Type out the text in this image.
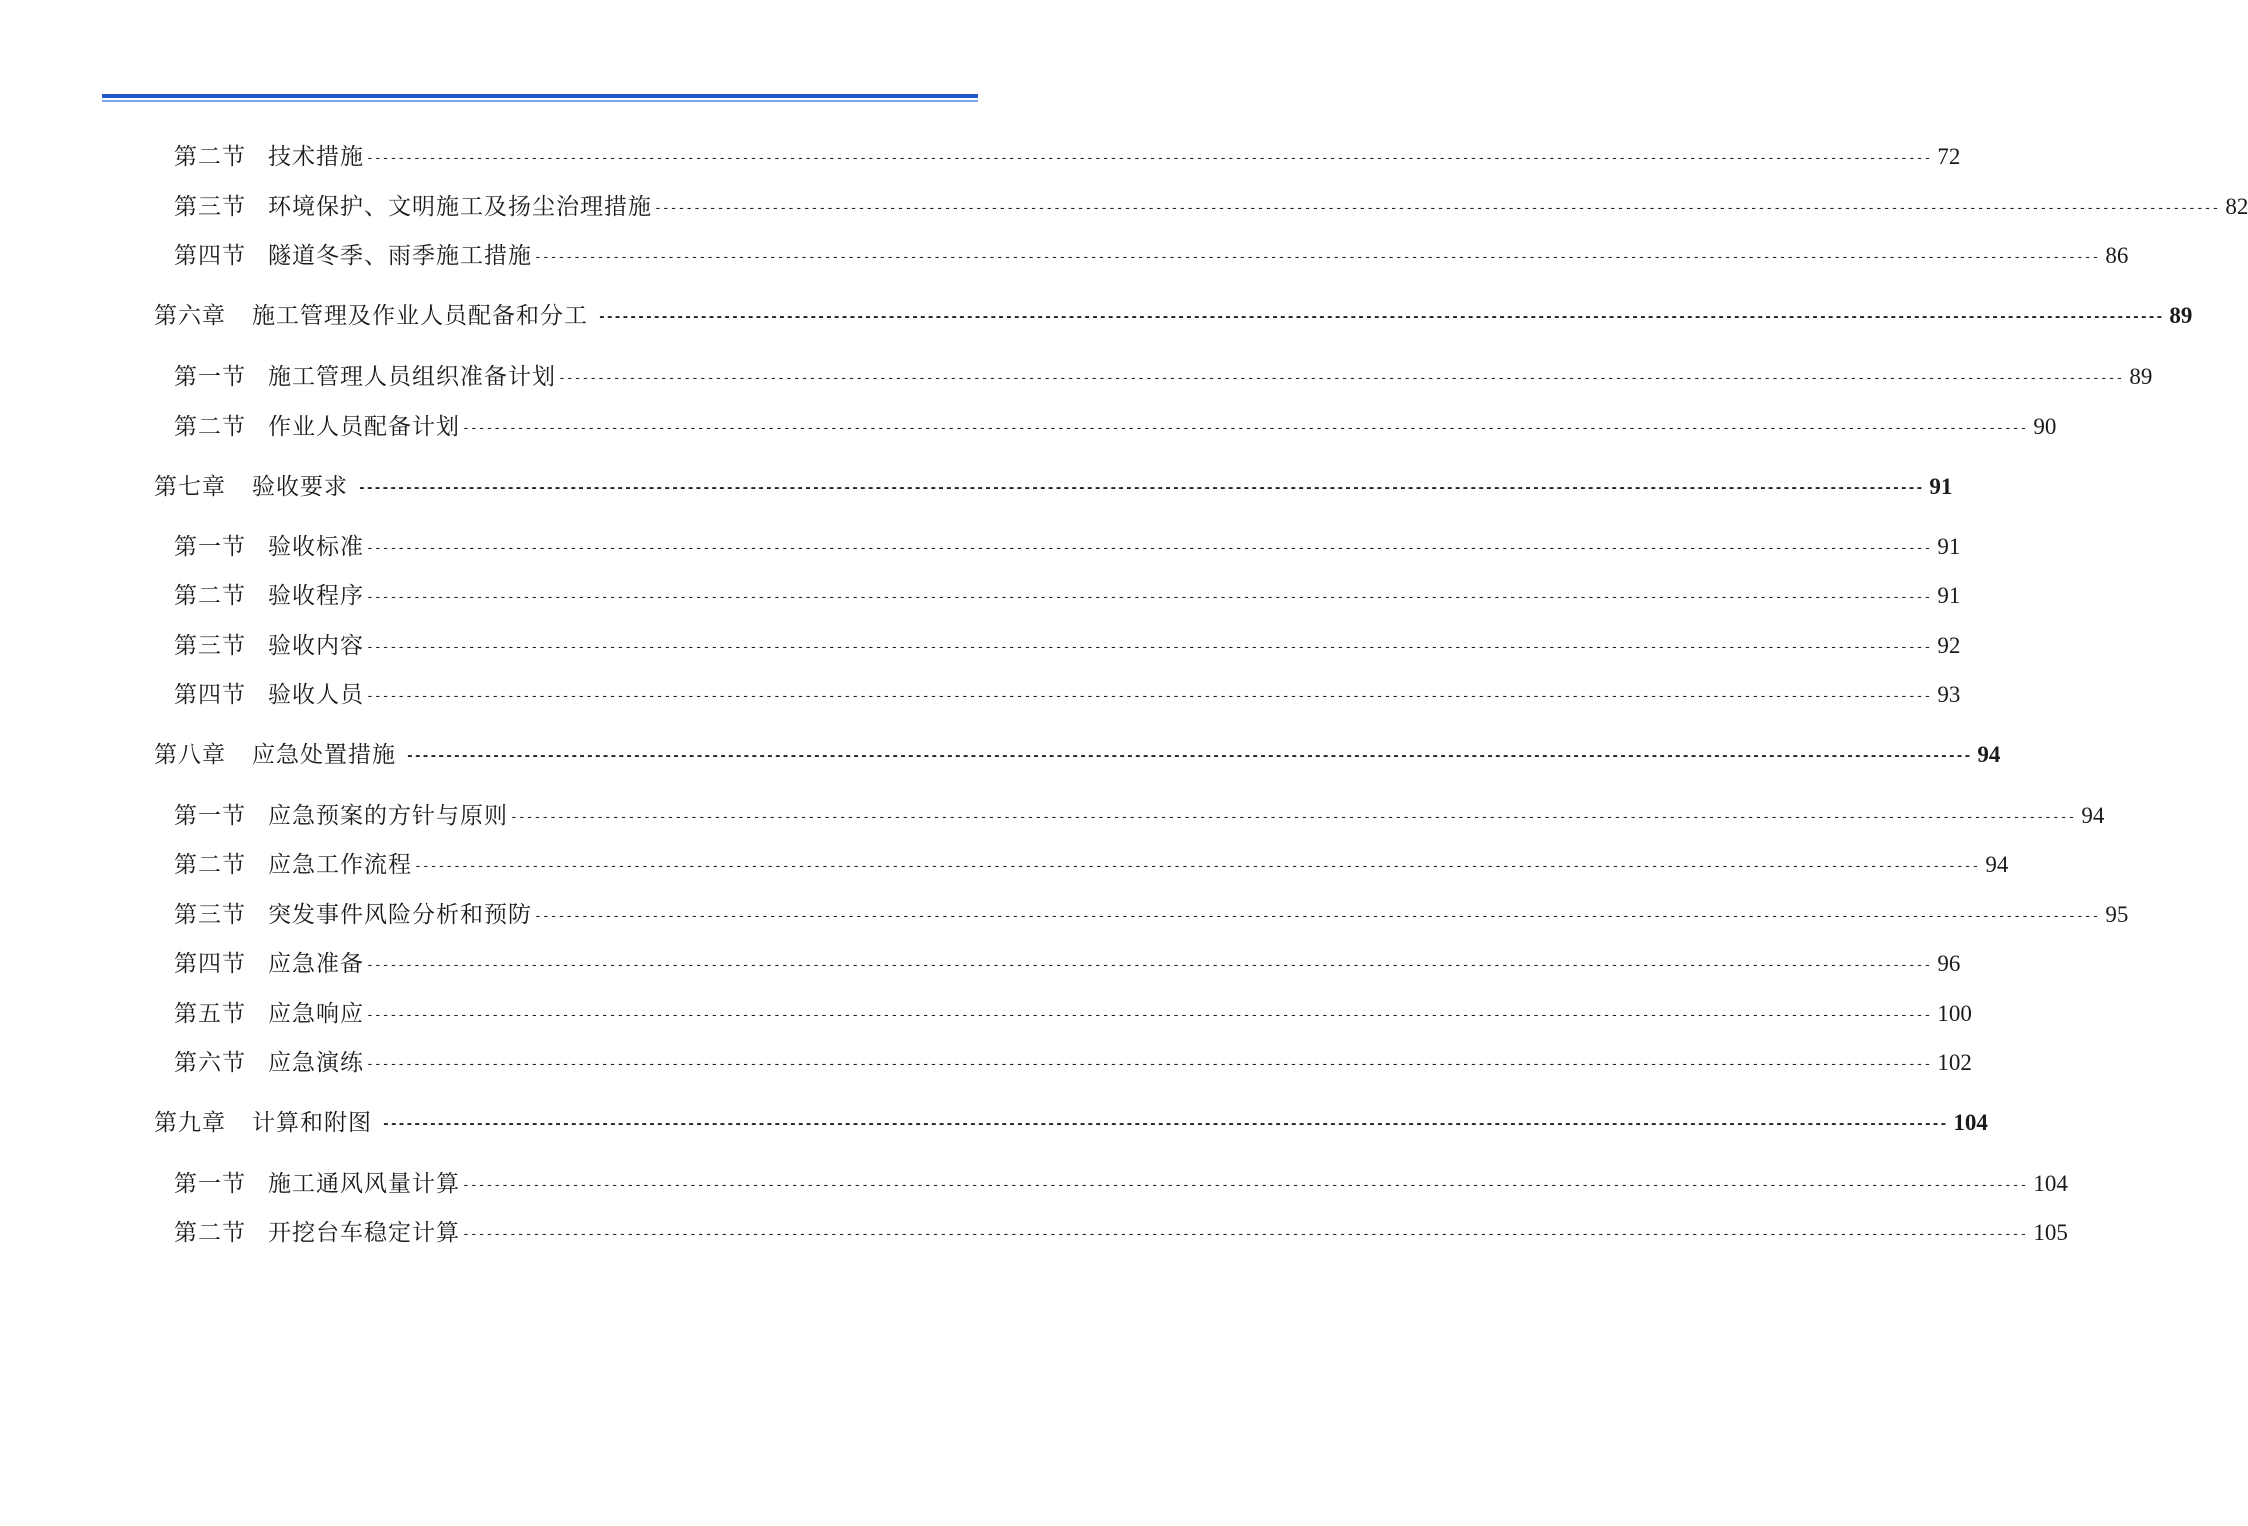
第二节 技术措施 -------------------------------------------------------------------------------------------------------------------------------------------------------------------------------------------------------- 72
第三节 环境保护、文明施工及扬尘治理措施 -------------------------------------------------------------------------------------------------------------------------------------------------------------------------------------------------------- 82
第四节 隧道冬季、雨季施工措施 -------------------------------------------------------------------------------------------------------------------------------------------------------------------------------------------------------- 86
第六章 施工管理及作业人员配备和分工 -------------------------------------------------------------------------------------------------------------------------------------------------------------------------------------------------------- 89
第一节 施工管理人员组织准备计划 -------------------------------------------------------------------------------------------------------------------------------------------------------------------------------------------------------- 89
第二节 作业人员配备计划 -------------------------------------------------------------------------------------------------------------------------------------------------------------------------------------------------------- 90
第七章 验收要求 -------------------------------------------------------------------------------------------------------------------------------------------------------------------------------------------------------- 91
第一节 验收标准 -------------------------------------------------------------------------------------------------------------------------------------------------------------------------------------------------------- 91
第二节 验收程序 -------------------------------------------------------------------------------------------------------------------------------------------------------------------------------------------------------- 91
第三节 验收内容 -------------------------------------------------------------------------------------------------------------------------------------------------------------------------------------------------------- 92
第四节 验收人员 -------------------------------------------------------------------------------------------------------------------------------------------------------------------------------------------------------- 93
第八章 应急处置措施 -------------------------------------------------------------------------------------------------------------------------------------------------------------------------------------------------------- 94
第一节 应急预案的方针与原则 -------------------------------------------------------------------------------------------------------------------------------------------------------------------------------------------------------- 94
第二节 应急工作流程 -------------------------------------------------------------------------------------------------------------------------------------------------------------------------------------------------------- 94
第三节 突发事件风险分析和预防 -------------------------------------------------------------------------------------------------------------------------------------------------------------------------------------------------------- 95
第四节 应急准备 -------------------------------------------------------------------------------------------------------------------------------------------------------------------------------------------------------- 96
第五节 应急响应 -------------------------------------------------------------------------------------------------------------------------------------------------------------------------------------------------------- 100
第六节 应急演练 -------------------------------------------------------------------------------------------------------------------------------------------------------------------------------------------------------- 102
第九章 计算和附图 -------------------------------------------------------------------------------------------------------------------------------------------------------------------------------------------------------- 104
第一节 施工通风风量计算 -------------------------------------------------------------------------------------------------------------------------------------------------------------------------------------------------------- 104
第二节 开挖台车稳定计算 -------------------------------------------------------------------------------------------------------------------------------------------------------------------------------------------------------- 105
